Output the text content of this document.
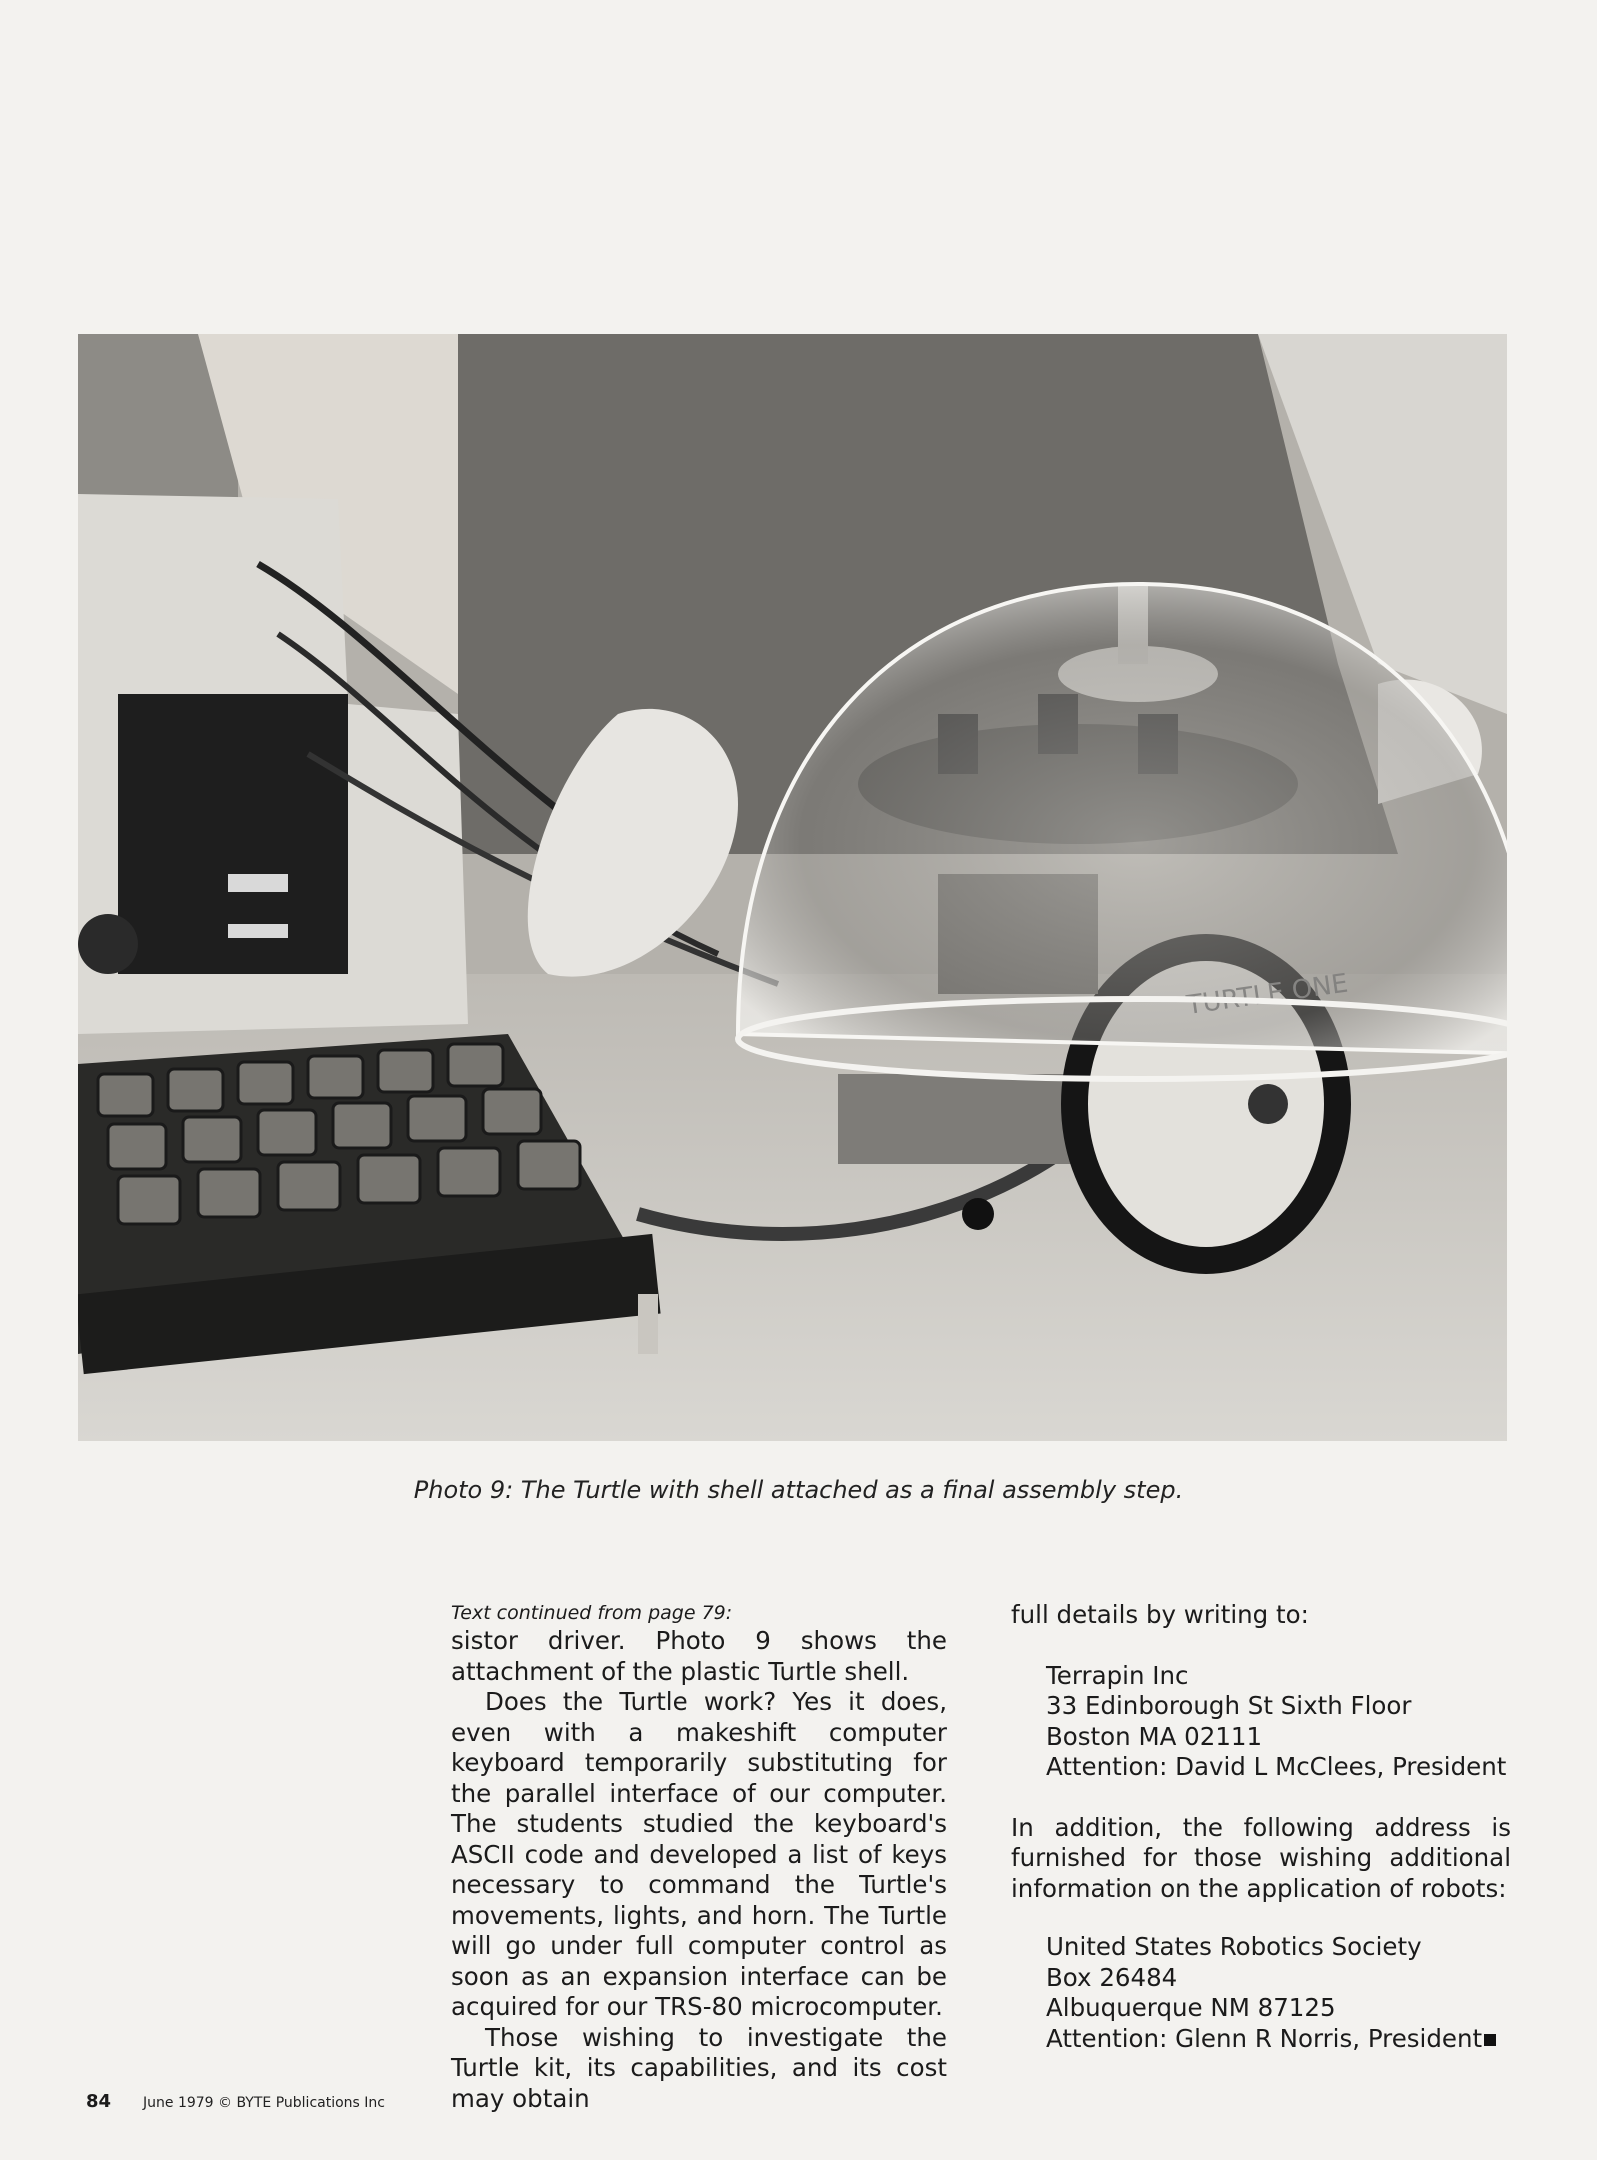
Photo 9: The Turtle with shell attached as a final assembly step.

Text continued from page 79:

sistor driver. Photo 9 shows the attachment of the plastic Turtle shell.

Does the Turtle work? Yes it does, even with a makeshift computer keyboard temporarily substituting for the parallel interface of our computer. The students studied the keyboard's ASCII code and developed a list of keys necessary to command the Turtle's movements, lights, and horn. The Turtle will go under full computer control as soon as an expansion interface can be acquired for our TRS-80 microcomputer.

Those wishing to investigate the Turtle kit, its capabilities, and its cost may obtain

full details by writing to:

Terrapin Inc
33 Edinborough St Sixth Floor
Boston MA 02111
Attention: David L McClees, President

In addition, the following address is furnished for those wishing additional information on the application of robots:

United States Robotics Society
Box 26484
Albuquerque NM 87125
Attention: Glenn R Norris, President
84 June 1979 © BYTE Publications Inc
